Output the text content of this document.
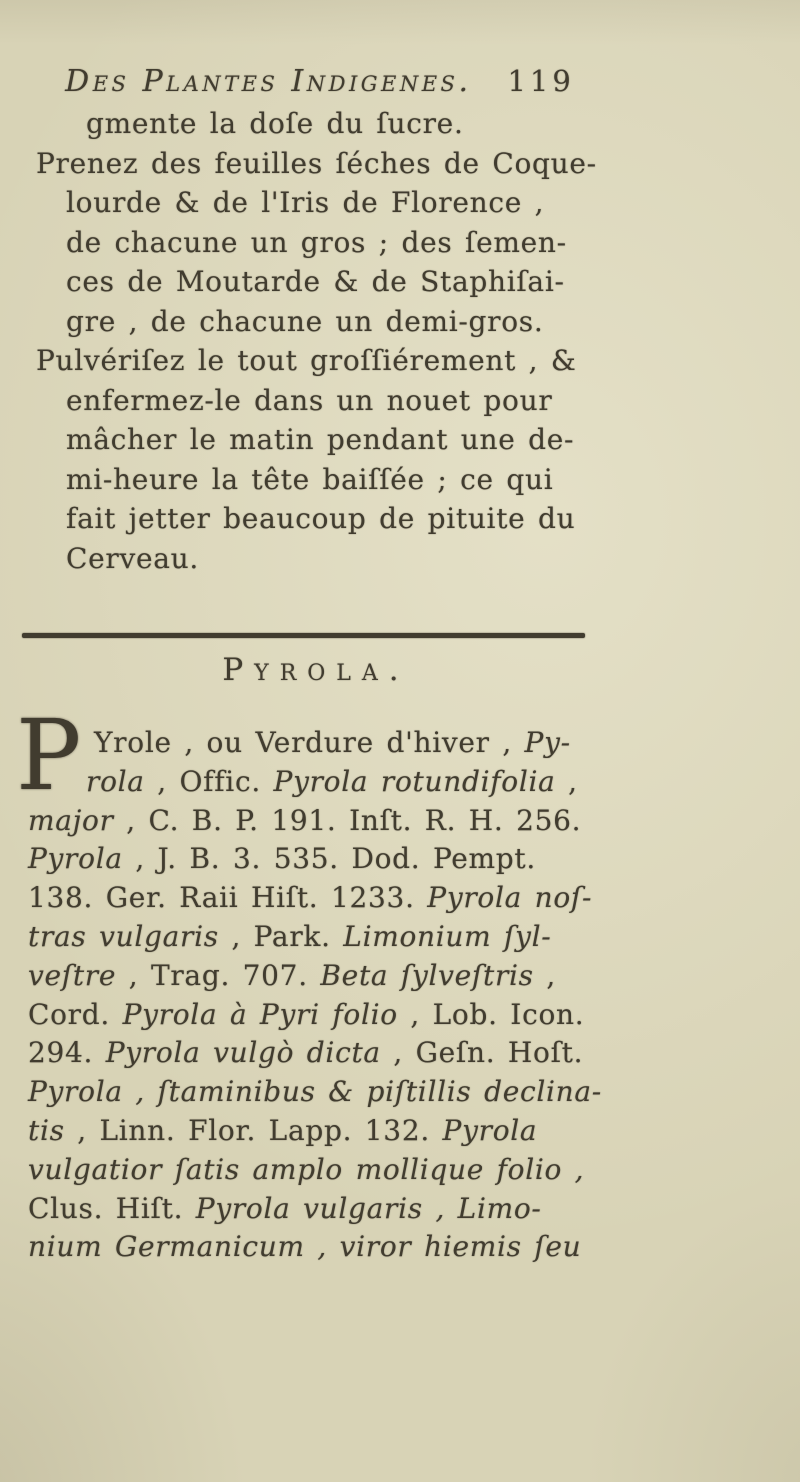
Des Plantes Indigenes. 119
gmente la doſe du ſucre.
Prenez des feuilles ſéches de Coque-
lourde & de l'Iris de Florence ,
de chacune un gros ; des ſemen-
ces de Moutarde & de Staphiſai-
gre , de chacune un demi-gros.
Pulvériſez le tout groſſiérement , &
enfermez-le dans un nouet pour
mâcher le matin pendant une de-
mi-heure la tête baiſſée ; ce qui
fait jetter beaucoup de pituite du
Cerveau.
Pyrola.
P Yrole , ou Verdure d'hiver , Py-
rola , Offic. Pyrola rotundifolia ,
major , C. B. P. 191. Inſt. R. H. 256.
Pyrola , J. B. 3. 535. Dod. Pempt.
138. Ger. Raii Hiſt. 1233. Pyrola noſ-
tras vulgaris , Park. Limonium ſyl-
veſtre , Trag. 707. Beta ſylveſtris ,
Cord. Pyrola à Pyri folio , Lob. Icon.
294. Pyrola vulgò dicta , Geſn. Hoſt.
Pyrola , ſtaminibus & piſtillis declina-
tis , Linn. Flor. Lapp. 132. Pyrola
vulgatior ſatis amplo mollique folio ,
Clus. Hiſt. Pyrola vulgaris , Limo-
nium Germanicum , viror hiemis ſeu
